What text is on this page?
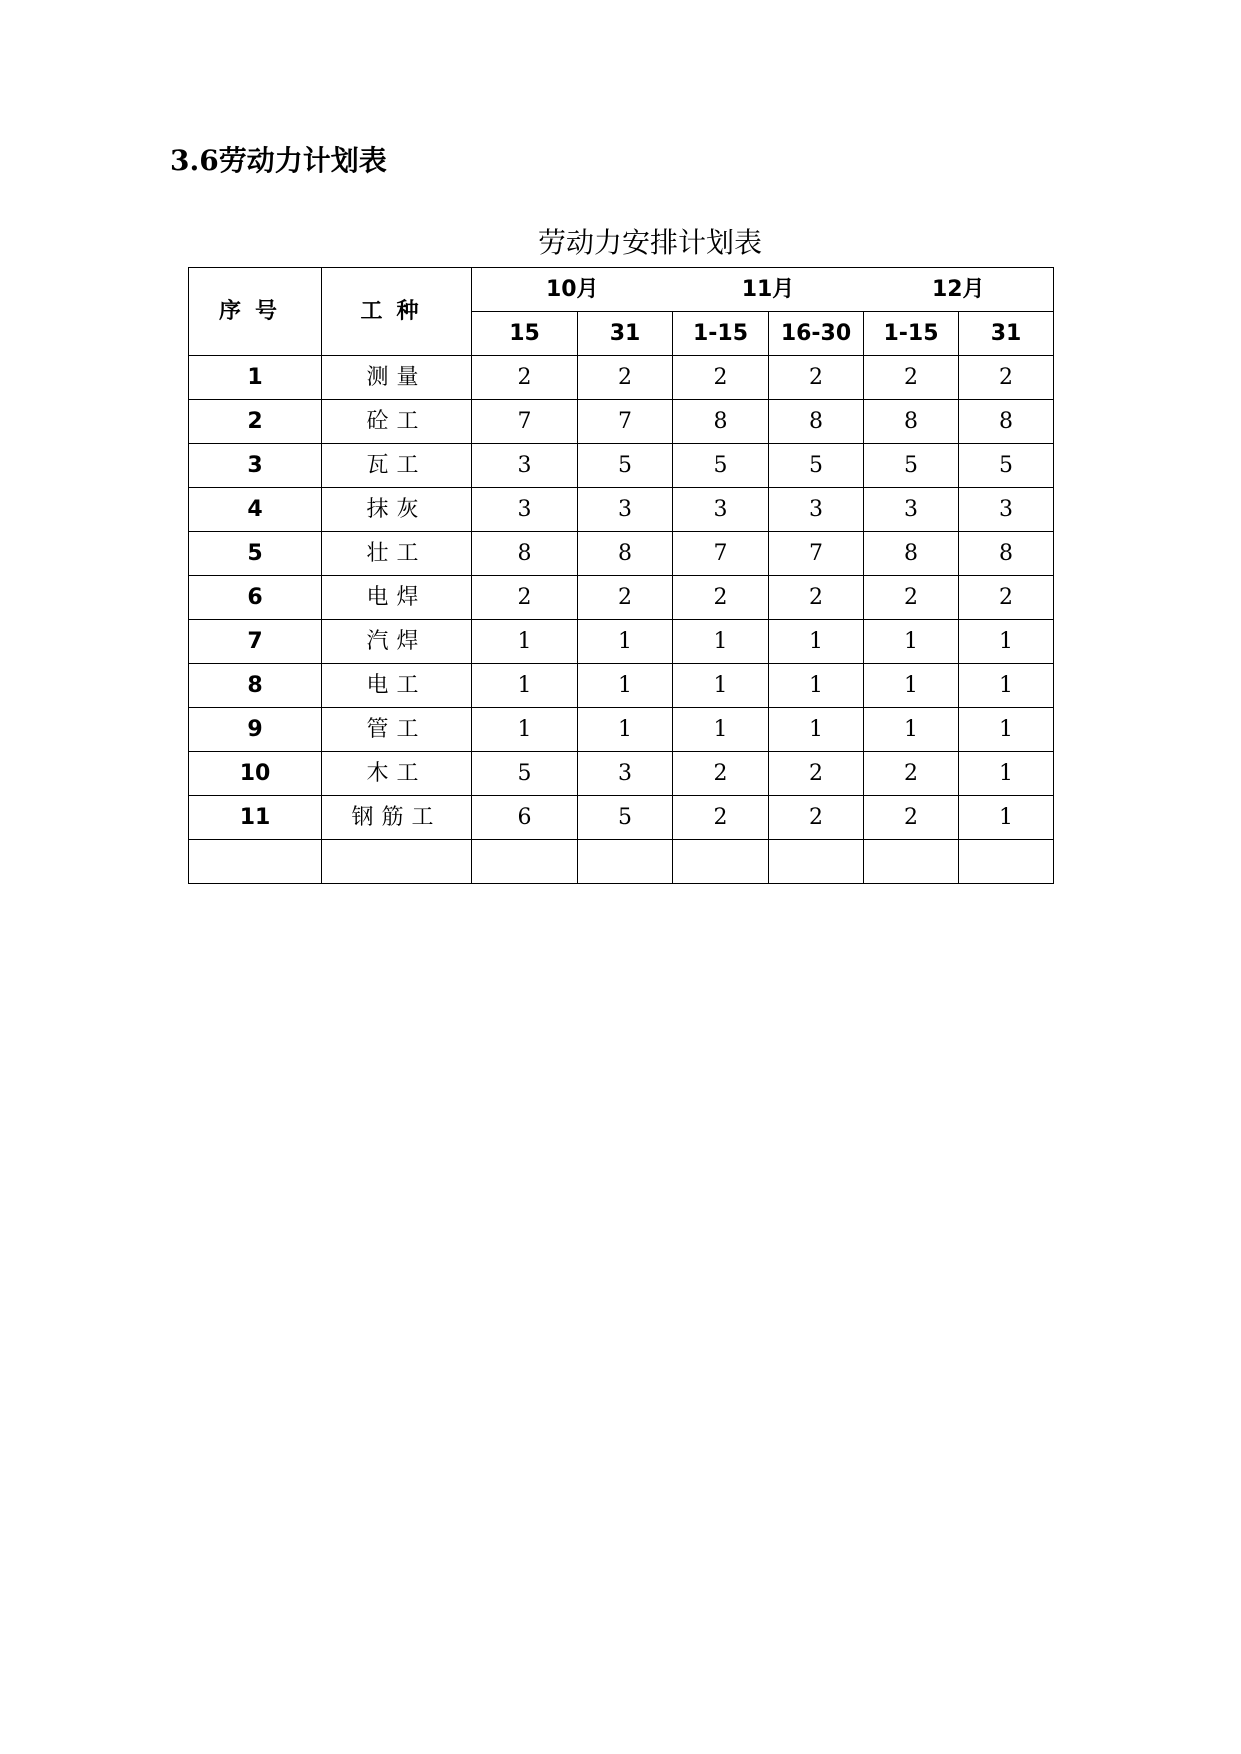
3.6劳动力计划表
劳动力安排计划表
序号	工种	10月		11月		12月	
		15	31	1-15	16-30	1-15	31
1	测量	2	2	2	2	2	2
2	砼工	7	7	8	8	8	8
3	瓦工	3	5	5	5	5	5
4	抹灰	3	3	3	3	3	3
5	壮工	8	8	7	7	8	8
6	电焊	2	2	2	2	2	2
7	汽焊	1	1	1	1	1	1
8	电工	1	1	1	1	1	1
9	管工	1	1	1	1	1	1
10	木工	5	3	2	2	2	1
11	钢筋工	6	5	2	2	2	1
